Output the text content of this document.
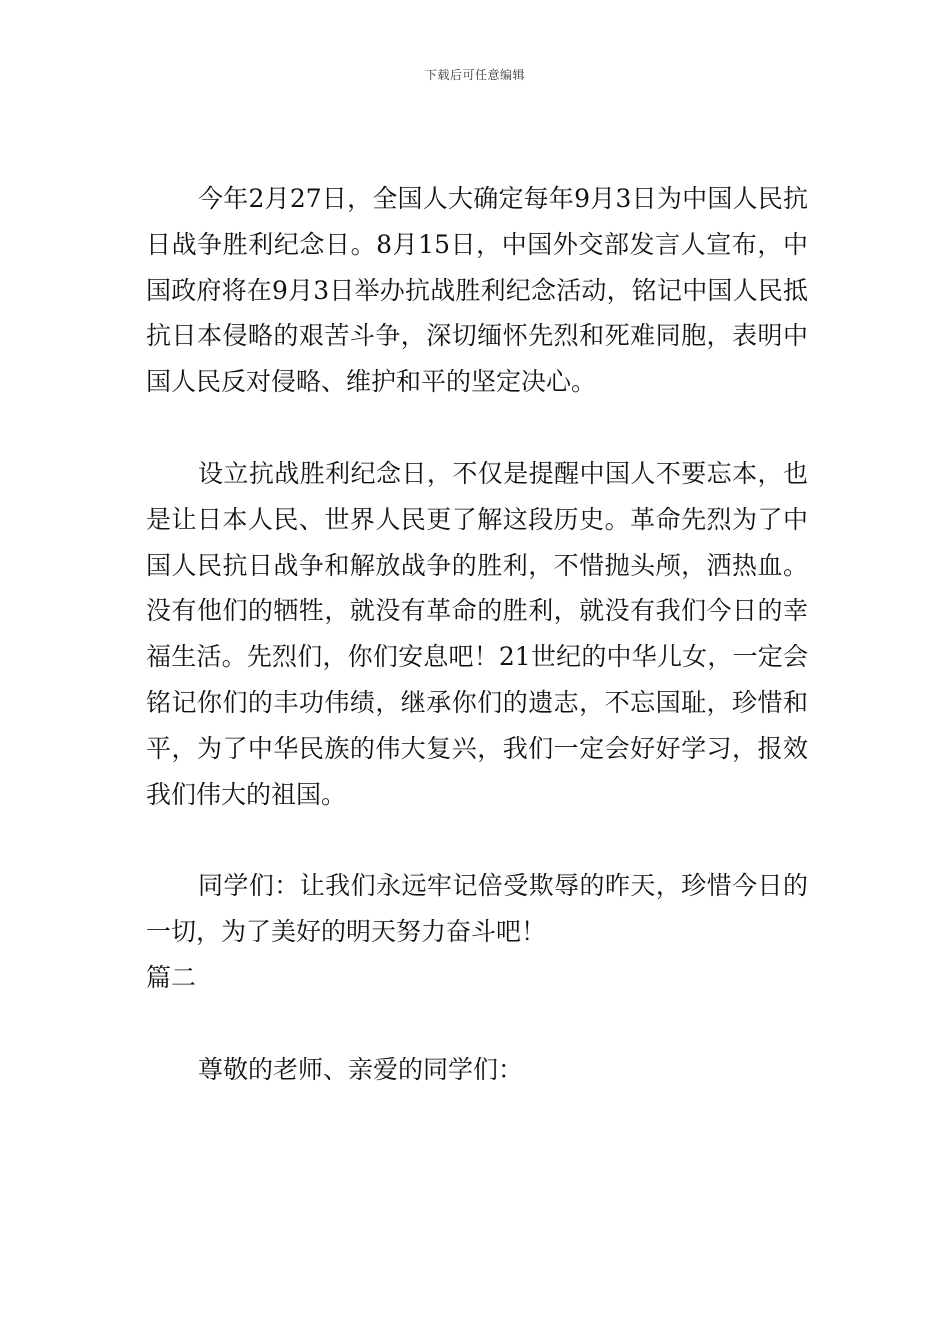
下载后可任意编辑

今年2月27日，全国人大确定每年9月3日为中国人民抗日战争胜利纪念日。8月15日，中国外交部发言人宣布，中国政府将在9月3日举办抗战胜利纪念活动，铭记中国人民抵抗日本侵略的艰苦斗争，深切缅怀先烈和死难同胞，表明中国人民反对侵略、维护和平的坚定决心。

设立抗战胜利纪念日，不仅是提醒中国人不要忘本，也是让日本人民、世界人民更了解这段历史。革命先烈为了中国人民抗日战争和解放战争的胜利，不惜抛头颅，洒热血。没有他们的牺牲，就没有革命的胜利，就没有我们今日的幸福生活。先烈们，你们安息吧！21世纪的中华儿女，一定会铭记你们的丰功伟绩，继承你们的遗志，不忘国耻，珍惜和平，为了中华民族的伟大复兴，我们一定会好好学习，报效我们伟大的祖国。

同学们：让我们永远牢记倍受欺辱的昨天，珍惜今日的一切，为了美好的明天努力奋斗吧！

篇二

尊敬的老师、亲爱的同学们：
